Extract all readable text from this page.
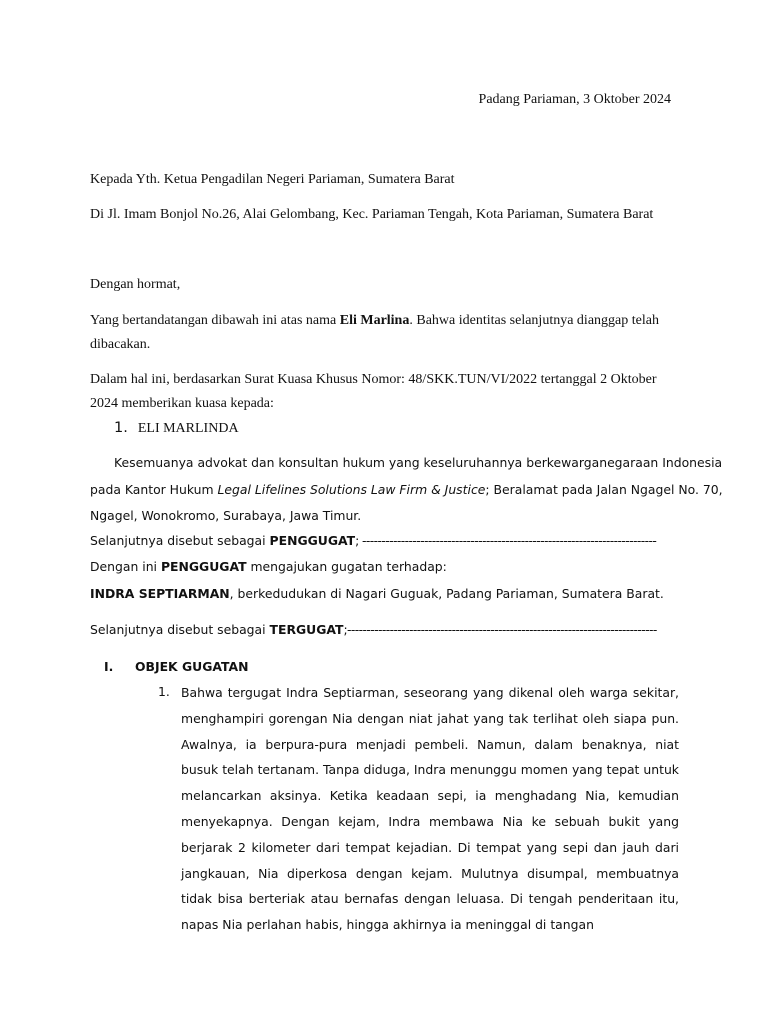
Padang Pariaman, 3 Oktober 2024
Kepada Yth. Ketua Pengadilan Negeri Pariaman, Sumatera Barat
Di Jl. Imam Bonjol No.26, Alai Gelombang, Kec. Pariaman Tengah, Kota Pariaman, Sumatera Barat
Dengan hormat,
Yang bertandatangan dibawah ini atas nama Eli Marlina. Bahwa identitas selanjutnya dianggap telah
dibacakan.
Dalam hal ini, berdasarkan Surat Kuasa Khusus Nomor: 48/SKK.TUN/VI/2022 tertanggal 2 Oktober
2024 memberikan kuasa kepada:
1. ELI MARLINDA
Kesemuanya advokat dan konsultan hukum yang keseluruhannya berkewarganegaraan Indonesia
pada Kantor Hukum Legal Lifelines Solutions Law Firm & Justice; Beralamat pada Jalan Ngagel No. 70,
Ngagel, Wonokromo, Surabaya, Jawa Timur.
Selanjutnya disebut sebagai PENGGUGAT; ----------------------------------------------------------------------------
Dengan ini PENGGUGAT mengajukan gugatan terhadap:
INDRA SEPTIARMAN, berkedudukan di Nagari Guguak, Padang Pariaman, Sumatera Barat.
Selanjutnya disebut sebagai TERGUGAT;--------------------------------------------------------------------------------
I. OBJEK GUGATAN
1. Bahwa tergugat Indra Septiarman, seseorang yang dikenal oleh warga sekitar, menghampiri gorengan Nia dengan niat jahat yang tak terlihat oleh siapa pun. Awalnya, ia berpura-pura menjadi pembeli. Namun, dalam benaknya, niat busuk telah tertanam. Tanpa diduga, Indra menunggu momen yang tepat untuk melancarkan aksinya. Ketika keadaan sepi, ia menghadang Nia, kemudian menyekapnya. Dengan kejam, Indra membawa Nia ke sebuah bukit yang berjarak 2 kilometer dari tempat kejadian. Di tempat yang sepi dan jauh dari jangkauan, Nia diperkosa dengan kejam. Mulutnya disumpal, membuatnya tidak bisa berteriak atau bernafas dengan leluasa. Di tengah penderitaan itu, napas Nia perlahan habis, hingga akhirnya ia meninggal di tangan
